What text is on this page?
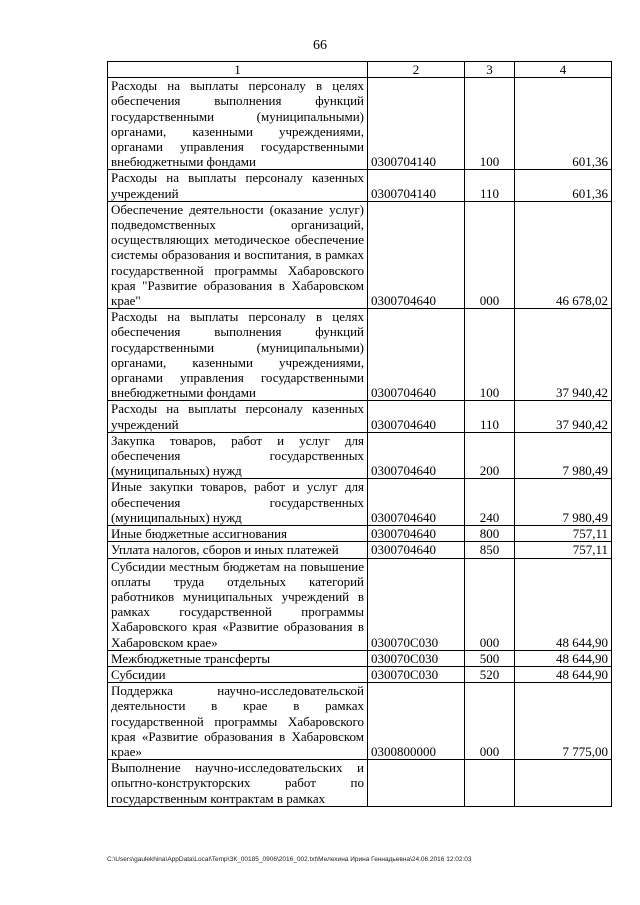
66
1	2	3	4
Расходы на выплаты персоналу в целях обеспечения выполнения функций государственными (муниципальными) органами, казенными учреждениями, органами управления государственными внебюджетными фондами	0300704140	100	601,36
Расходы на выплаты персоналу казенных учреждений	0300704140	110	601,36
Обеспечение деятельности (оказание услуг) подведомственных организаций, осуществляющих методическое обеспечение системы образования и воспитания, в рамках государственной программы Хабаровского края "Развитие образования в Хабаровском крае"	0300704640	000	46 678,02
Расходы на выплаты персоналу в целях обеспечения выполнения функций государственными (муниципальными) органами, казенными учреждениями, органами управления государственными внебюджетными фондами	0300704640	100	37 940,42
Расходы на выплаты персоналу казенных учреждений	0300704640	110	37 940,42
Закупка товаров, работ и услуг для обеспечения государственных (муниципальных) нужд	0300704640	200	7 980,49
Иные закупки товаров, работ и услуг для обеспечения государственных (муниципальных) нужд	0300704640	240	7 980,49
Иные бюджетные ассигнования	0300704640	800	757,11
Уплата налогов, сборов и иных платежей	0300704640	850	757,11
Субсидии местным бюджетам на повышение оплаты труда отдельных категорий работников муниципальных учреждений в рамках государственной программы Хабаровского края «Развитие образования в Хабаровском крае»	030070С030	000	48 644,90
Межбюджетные трансферты	030070С030	500	48 644,90
Субсидии	030070С030	520	48 644,90
Поддержка научно-исследовательской деятельности в крае в рамках государственной программы Хабаровского края «Развитие образования в Хабаровском крае»	0300800000	000	7 775,00
Выполнение научно-исследовательских и опытно-конструкторских работ по государственным контрактам в рамках			
C:\Users\gaulekhina\AppData\Local\Temp\ЗК_00185_0906\2016_002.txt\Мелехина Ирина Геннадьевна\24.06.2016 12:02:03
